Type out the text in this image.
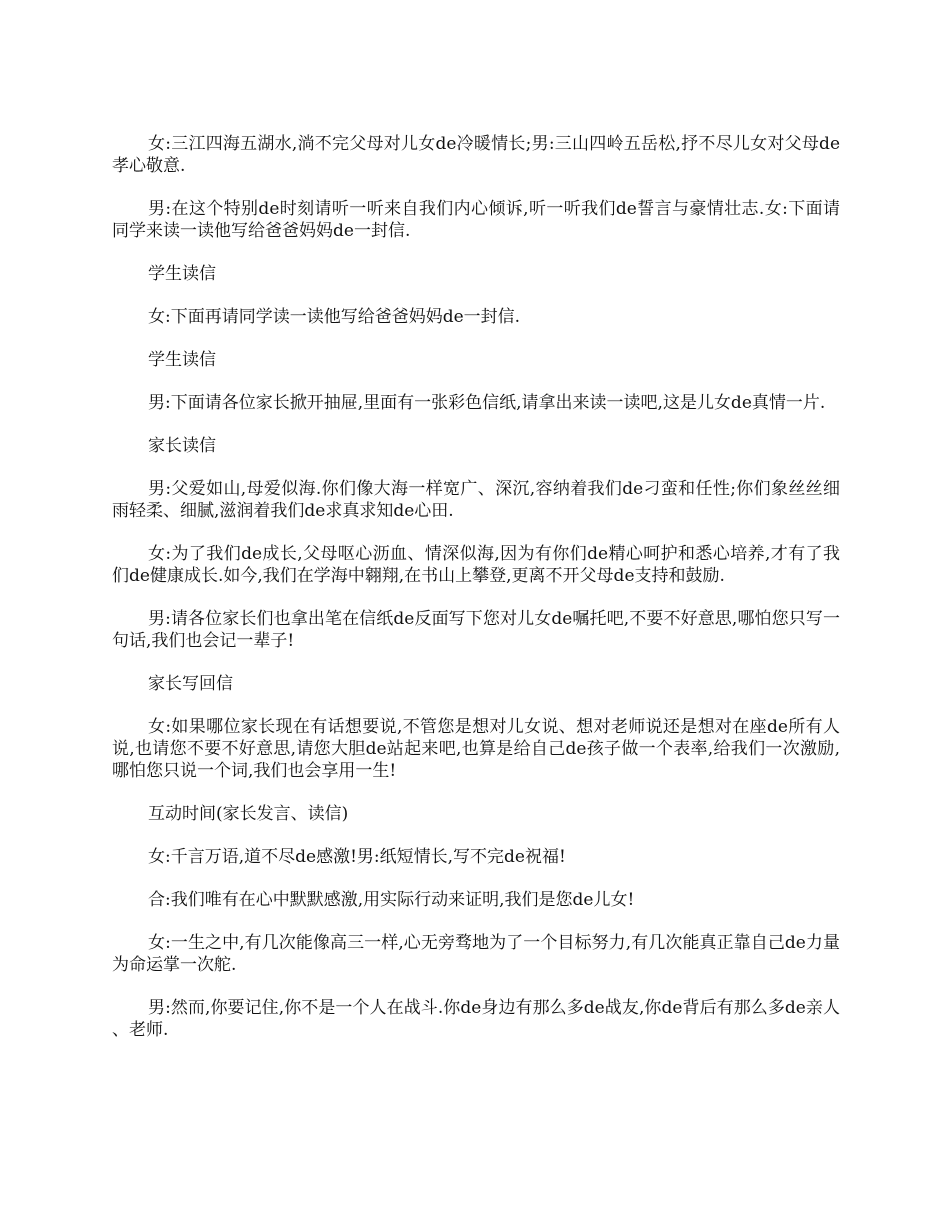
女:三江四海五湖水,淌不完父母对儿女de冷暖情长;男:三山四岭五岳松,抒不尽儿女对父母de孝心敬意.

男:在这个特别de时刻请听一听来自我们内心倾诉,听一听我们de誓言与豪情壮志.女:下面请同学来读一读他写给爸爸妈妈de一封信.

学生读信

女:下面再请同学读一读他写给爸爸妈妈de一封信.

学生读信

男:下面请各位家长掀开抽屉,里面有一张彩色信纸,请拿出来读一读吧,这是儿女de真情一片.

家长读信

男:父爱如山,母爱似海.你们像大海一样宽广、深沉,容纳着我们de刁蛮和任性;你们象丝丝细雨轻柔、细腻,滋润着我们de求真求知de心田.

女:为了我们de成长,父母呕心沥血、情深似海,因为有你们de精心呵护和悉心培养,才有了我们de健康成长.如今,我们在学海中翱翔,在书山上攀登,更离不开父母de支持和鼓励.

男:请各位家长们也拿出笔在信纸de反面写下您对儿女de嘱托吧,不要不好意思,哪怕您只写一句话,我们也会记一辈子!

家长写回信

女:如果哪位家长现在有话想要说,不管您是想对儿女说、想对老师说还是想对在座de所有人说,也请您不要不好意思,请您大胆de站起来吧,也算是给自己de孩子做一个表率,给我们一次激励,哪怕您只说一个词,我们也会享用一生!

互动时间(家长发言、读信)

女:千言万语,道不尽de感激!男:纸短情长,写不完de祝福!

合:我们唯有在心中默默感激,用实际行动来证明,我们是您de儿女!

女:一生之中,有几次能像高三一样,心无旁骛地为了一个目标努力,有几次能真正靠自己de力量为命运掌一次舵.

男:然而,你要记住,你不是一个人在战斗.你de身边有那么多de战友,你de背后有那么多de亲人、老师.
